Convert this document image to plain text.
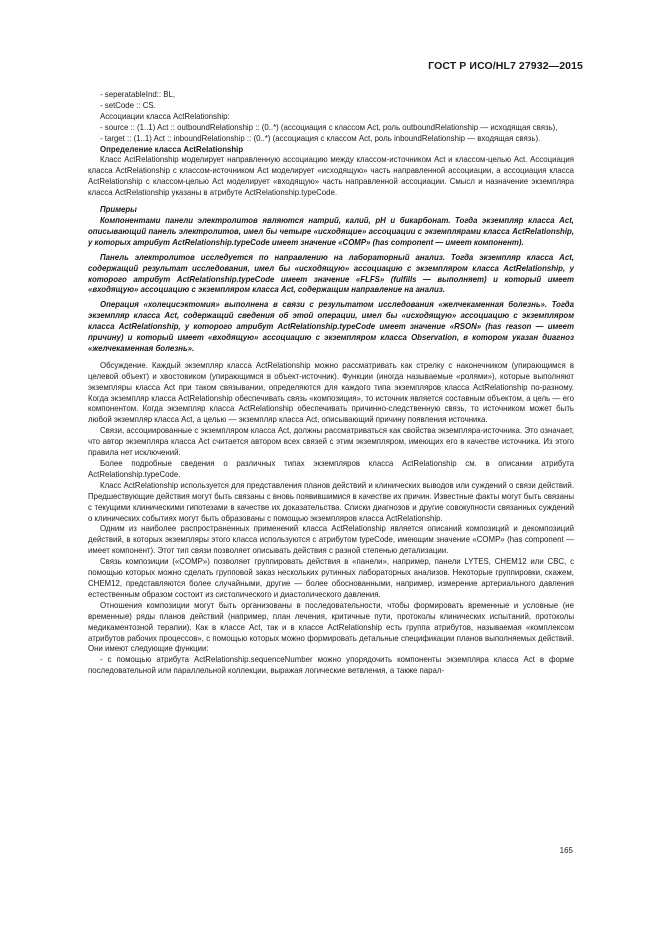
ГОСТ Р ИСО/HL7 27932—2015

- seperatableInd:: BL,

- setCode :: CS.

Ассоциации класса ActRelationship:

- source :: (1..1) Act :: outboundRelationship :: (0..*) (ассоциация с классом Act, роль outboundRelationship — исходящая связь),

- target :: (1..1) Act :: inboundRelationship :: (0..*) (ассоциация с классом Act, роль inboundRelationship — входящая связь).

Определение класса ActRelationship

Класс ActRelationship моделирует направленную ассоциацию между классом-источником Act и классом-целью Act. Ассоциация класса ActRelationship с классом-источником Act моделирует «исходящую» часть направленной ассоциации, а ассоциация класса ActRelationship с классом-целью Act моделирует «входящую» часть направленной ассоциации. Смысл и назначение экземпляра класса ActRelationship указаны в атрибуте ActRelationship.typeCode.

Примеры

Компонентами панели электролитов являются натрий, калий, pH и бикарбонат. Тогда экземпляр класса Act, описывающий панель электролитов, имел бы четыре «исходящие» ассоциации с экземплярами класса ActRelationship, у которых атрибут ActRelationship.typeCode имеет значение «COMP» (has component — имеет компонент).

Панель электролитов исследуется по направлению на лабораторный анализ. Тогда экземпляр класса Act, содержащий результат исследования, имел бы «исходящую» ассоциацию с экземпляром класса ActRelationship, у которого атрибут ActRelationship.typeCode имеет значение «FLFS» (fulfills — выполняет) и который имеет «входящую» ассоциацию с экземпляром класса Act, содержащим направление на анализ.

Операция «холецисэктомия» выполнена в связи с результатом исследования «желчекаменная болезнь». Тогда экземпляр класса Act, содержащий сведения об этой операции, имел бы «исходящую» ассоциацию с экземпляром класса ActRelationship, у которого атрибут ActRelationship.typeCode имеет значение «RSON» (has reason — имеет причину) и который имеет «входящую» ассоциацию с экземпляром класса Observation, в котором указан диагноз «желчекаменная болезнь».

Обсуждение. Каждый экземпляр класса ActRelationship можно рассматривать как стрелку с наконечником (упирающимся в целевой объект) и хвостовиком (упирающимся в объект-источник). Функции (иногда называемые «ролями»), которые выполняют экземпляры класса Act при таком связывании, определяются для каждого типа экземпляров класса ActRelationship по-разному. Когда экземпляр класса ActRelationship обеспечивать связь «композиция», то источник является составным объектом, а цель — его компонентом. Когда экземпляр класса ActRelationship обеспечивать причинно-следственную связь, то источником может быть любой экземпляр класса Act, а целью — экземпляр класса Act, описывающий причину появления источника.

Связи, ассоциированные с экземпляром класса Act, должны рассматриваться как свойства экземпляра-источника. Это означает, что автор экземпляра класса Act считается автором всех связей с этим экземпляром, имеющих его в качестве источника. Из этого правила нет исключений.

Более подробные сведения о различных типах экземпляров класса ActRelationship см. в описании атрибута ActRelationship.typeCode.

Класс ActRelationship используется для представления планов действий и клинических выводов или суждений о связи действий. Предшествующие действия могут быть связаны с вновь появившимися в качестве их причин. Известные факты могут быть связаны с текущими клиническими гипотезами в качестве их доказательства. Списки диагнозов и другие совокупности связанных суждений о клинических событиях могут быть образованы с помощью экземпляров класса ActRelationship.

Одним из наиболее распространенных применений класса ActRelationship является описаний композиций и декомпозиций действий, в которых экземпляры этого класса используются с атрибутом typeCode, имеющим значение «COMP» (has component — имеет компонент). Этот тип связи позволяет описывать действия с разной степенью детализации.

Связь композиции («COMP») позволяет группировать действия в «панели», например, панели LYTES, CHEM12 или CBC, с помощью которых можно сделать групповой заказ нескольких рутинных лабораторных анализов. Некоторые группировки, скажем, CHEM12, представляются более случайными, другие — более обоснованными, например, измерение артериального давления естественным образом состоит из систолического и диастолического давления.

Отношения композиции могут быть организованы в последовательности, чтобы формировать временные и условные (не временные) ряды планов действий (например, план лечения, критичные пути, протоколы клинических испытаний, протоколы медикаментозной терапии). Как в классе Act, так и в классе ActRelationship есть группа атрибутов, называемая «комплексом атрибутов рабочих процессов», с помощью которых можно формировать детальные спецификации планов выполняемых действий. Они имеют следующие функции:

- с помощью атрибута ActRelationship.sequenceNumber можно упорядочить компоненты экземпляра класса Act в форме последовательной или параллельной коллекции, выражая логические ветвления, а также парал-

165
